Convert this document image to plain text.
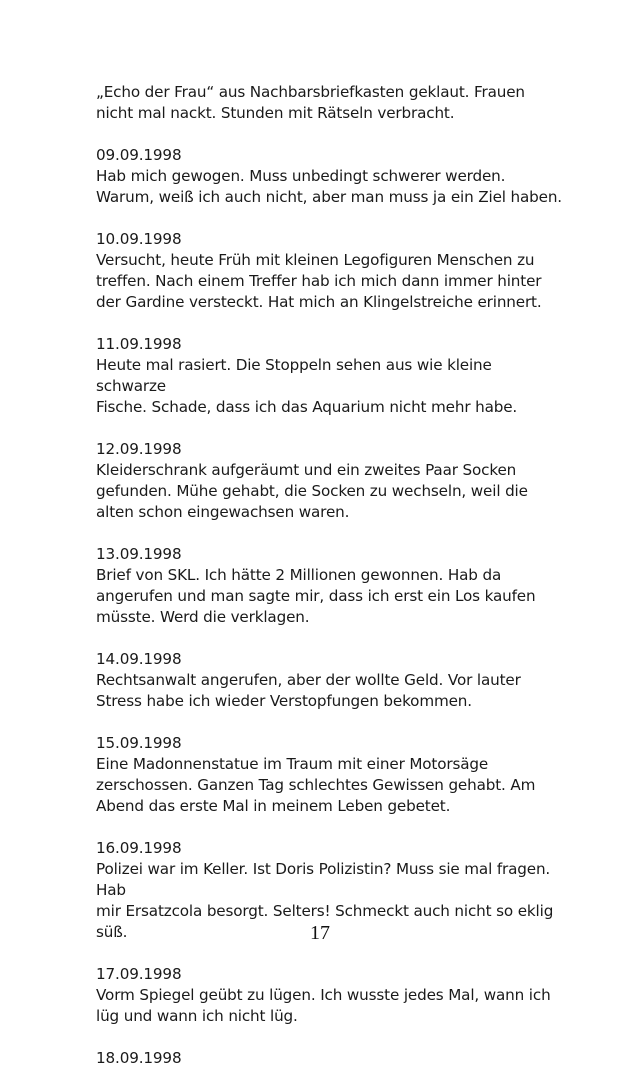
„Echo der Frau“ aus Nachbarsbriefkasten geklaut. Frauen
nicht mal nackt. Stunden mit Rätseln verbracht.

09.09.1998
Hab mich gewogen. Muss unbedingt schwerer werden.
Warum, weiß ich auch nicht, aber man muss ja ein Ziel haben.
10.09.1998
Versucht, heute Früh mit kleinen Legofiguren Menschen zu
treffen. Nach einem Treffer hab ich mich dann immer hinter
der Gardine versteckt. Hat mich an Klingelstreiche erinnert.
11.09.1998
Heute mal rasiert. Die Stoppeln sehen aus wie kleine schwarze
Fische. Schade, dass ich das Aquarium nicht mehr habe.
12.09.1998
Kleiderschrank aufgeräumt und ein zweites Paar Socken
gefunden. Mühe gehabt, die Socken zu wechseln, weil die
alten schon eingewachsen waren.
13.09.1998
Brief von SKL. Ich hätte 2 Millionen gewonnen. Hab da
angerufen und man sagte mir, dass ich erst ein Los kaufen
müsste. Werd die verklagen.
14.09.1998
Rechtsanwalt angerufen, aber der wollte Geld. Vor lauter
Stress habe ich wieder Verstopfungen bekommen.
15.09.1998
Eine Madonnenstatue im Traum mit einer Motorsäge
zerschossen. Ganzen Tag schlechtes Gewissen gehabt. Am
Abend das erste Mal in meinem Leben gebetet.
16.09.1998
Polizei war im Keller. Ist Doris Polizistin? Muss sie mal fragen. Hab
mir Ersatzcola besorgt. Selters! Schmeckt auch nicht so eklig
süß.
17.09.1998
Vorm Spiegel geübt zu lügen. Ich wusste jedes Mal, wann ich
lüg und wann ich nicht lüg.
18.09.1998
17
